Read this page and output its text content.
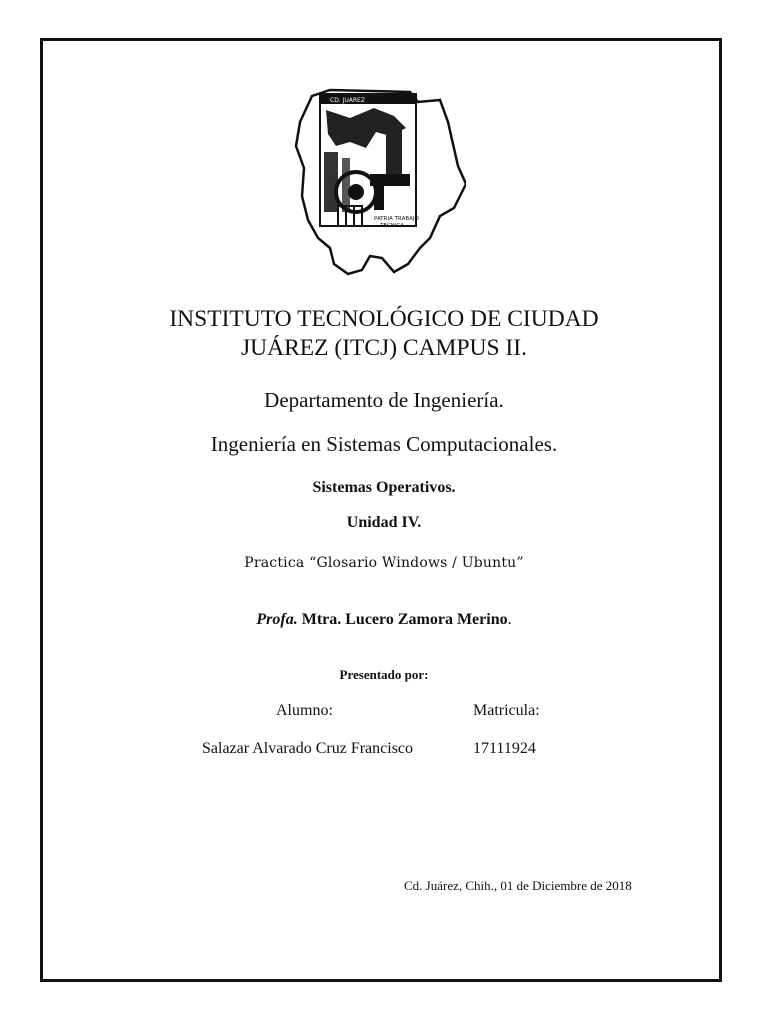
CD. JUAREZ
PATRIA TRABAJO
TECNICA
INSTITUTO TECNOLÓGICO DE CIUDAD
JUÁREZ (ITCJ) CAMPUS II.
Departamento de Ingeniería.
Ingeniería en Sistemas Computacionales.
Sistemas Operativos.
Unidad IV.
Practica “Glosario Windows / Ubuntu”
Profa. Mtra. Lucero Zamora Merino.
Presentado por:
Alumno:	Matricula:
Salazar Alvarado Cruz Francisco	17111924
Cd. Juárez, Chih., 01 de Diciembre de 2018
